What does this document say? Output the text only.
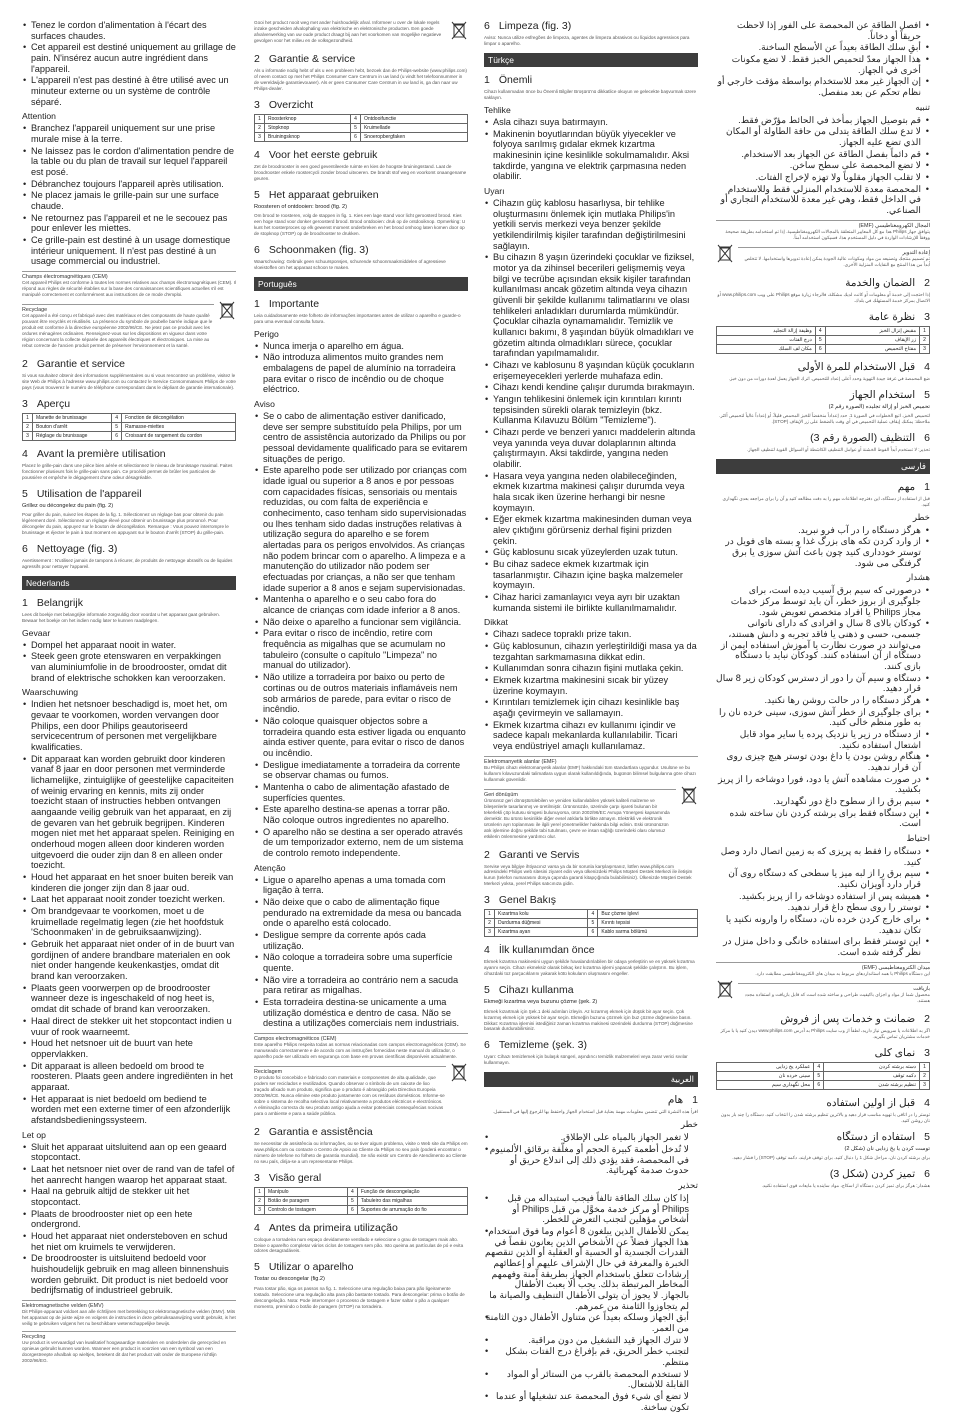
• Tenez le cordon d'alimentation à l'écart des surfaces chaudes.
• Cet appareil est destiné uniquement au grillage de pain. N'insérez aucun autre ingrédient dans l'appareil.
• L'appareil n'est pas destiné à être utilisé avec un minuteur externe ou un système de contrôle séparé.
Attention
• Branchez l'appareil uniquement sur une prise murale mise à la terre.
• Ne laissez pas le cordon d'alimentation pendre de la table ou du plan de travail sur lequel l'appareil est posé.
• Débranchez toujours l'appareil après utilisation.
• Ne placez jamais le grille-pain sur une surface chaude.
• Ne retournez pas l'appareil et ne le secouez pas pour enlever les miettes.
• Ce grille-pain est destiné à un usage domestique intérieur uniquement. Il n'est pas destiné à un usage commercial ou industriel.
Champs électromagnétiques (CEM)
Cet appareil Philips est conforme à toutes les normes relatives aux champs électromagnétiques (CEM). Il répond aux règles de sécurité établies sur la base des connaissances scientifiques actuelles s'il est manipulé correctement et conformément aux instructions de ce mode d'emploi.
Recyclage
Cet appareil a été conçu et fabriqué avec des matériaux et des composants de haute qualité pouvant être recyclés et réutilisés. La présence du symbole de poubelle barrée indique que le produit est conforme à la directive européenne 2002/96/CE. Ne jetez pas ce produit avec les ordures ménagères ordinaires. Renseignez-vous sur les dispositions en vigueur dans votre région concernant la collecte séparée des appareils électriques et électroniques. La mise au rebut correcte de l'ancien produit permet de préserver l'environnement et la santé.
2 Garantie et service
Si vous souhaitez obtenir des informations supplémentaires ou si vous rencontrez un problème, visitez le site Web de Philips à l'adresse www.philips.com ou contactez le Service Consommateurs Philips de votre pays (vous trouverez le numéro de téléphone correspondant dans le dépliant de garantie internationale).
3 Aperçu
1	Manette de brunissage	4	Fonction de décongélation
2	Bouton d'arrêt	5	Ramasse-miettes
3	Réglage du brunissage	6	Croissant de rangement du cordon
4 Avant la première utilisation
Placez le grille-pain dans une pièce bien aérée et sélectionnez le niveau de brunissage maximal. Faites fonctionner plusieurs fois le grille-pain sans pain. Ce procédé permet de brûler les particules de poussière et empêche le dégagement d'une odeur désagréable.
5 Utilisation de l'appareil
Grillez ou décongelez du pain (fig. 2)
Pour griller du pain, suivez les étapes de la fig. 1. Sélectionnez un réglage bas pour obtenir du pain légèrement doré. Sélectionnez un réglage élevé pour obtenir un brunissage plus prononcé. Pour décongeler du pain, appuyez sur le bouton de décongélation. Remarque : Vous pouvez interrompre le brunissage et éjecter le pain à tout moment en appuyant sur le bouton d'arrêt (STOP) du grille-pain.
6 Nettoyage (fig. 3)
Avertissement : N'utilisez jamais de tampons à récurer, de produits de nettoyage abrasifs ou de liquides agressifs pour nettoyer l'appareil.
Nederlands
1 Belangrijk
Lees dit boekje met belangrijke informatie zorgvuldig door voordat u het apparaat gaat gebruiken. Bewaar het boekje om het indien nodig later te kunnen raadplegen.
Gevaar
• Dompel het apparaat nooit in water.
• Steek geen grote etenswaren en verpakkingen van aluminiumfolie in de broodrooster, omdat dit brand of elektrische schokken kan veroorzaken.
Waarschuwing
• Indien het netsnoer beschadigd is, moet het, om gevaar te voorkomen, worden vervangen door Philips, een door Philips geautoriseerd servicecentrum of personen met vergelijkbare kwalificaties.
• Dit apparaat kan worden gebruikt door kinderen vanaf 8 jaar en door personen met verminderde lichamelijke, zintuiglijke of geestelijke capaciteiten of weinig ervaring en kennis, mits zij onder toezicht staan of instructies hebben ontvangen aangaande veilig gebruik van het apparaat, en zij de gevaren van het gebruik begrijpen. Kinderen mogen niet met het apparaat spelen. Reiniging en onderhoud mogen alleen door kinderen worden uitgevoerd die ouder zijn dan 8 en alleen onder toezicht.
• Houd het apparaat en het snoer buiten bereik van kinderen die jonger zijn dan 8 jaar oud.
• Laat het apparaat nooit zonder toezicht werken.
• Om brandgevaar te voorkomen, moet u de kruimellade regelmatig legen (zie het hoofdstuk 'Schoonmaken' in de gebruiksaanwijzing).
• Gebruik het apparaat niet onder of in de buurt van gordijnen of andere brandbare materialen en ook niet onder hangende keukenkastjes, omdat dit brand kan veroorzaken.
• Plaats geen voorwerpen op de broodrooster wanneer deze is ingeschakeld of nog heet is, omdat dit schade of brand kan veroorzaken.
• Haal direct de stekker uit het stopcontact indien u vuur of rook waarneemt.
• Houd het netsnoer uit de buurt van hete oppervlakken.
• Dit apparaat is alleen bedoeld om brood te roosteren. Plaats geen andere ingrediënten in het apparaat.
• Het apparaat is niet bedoeld om bediend te worden met een externe timer of een afzonderlijk afstandsbedieningssysteem.
Let op
• Sluit het apparaat uitsluitend aan op een geaard stopcontact.
• Laat het netsnoer niet over de rand van de tafel of het aanrecht hangen waarop het apparaat staat.
• Haal na gebruik altijd de stekker uit het stopcontact.
• Plaats de broodrooster niet op een hete ondergrond.
• Houd het apparaat niet ondersteboven en schud het niet om kruimels te verwijderen.
• De broodrooster is uitsluitend bedoeld voor huishoudelijk gebruik en mag alleen binnenshuis worden gebruikt. Dit product is niet bedoeld voor bedrijfsmatig of industrieel gebruik.
Elektromagnetische velden (EMV)
Dit Philips-apparaat voldoet aan alle richtlijnen met betrekking tot elektromagnetische velden (EMV). Mits het apparaat op de juiste wijze en volgens de instructies in deze gebruiksaanwijzing wordt gebruikt, is het veilig te gebruiken volgens het nu beschikbare wetenschappelijke bewijs.
Recycling
Uw product is vervaardigd van kwalitatief hoogwaardige materialen en onderdelen die gerecycled en opnieuw gebruikt kunnen worden. Wanneer een product is voorzien van een symbool van een doorgestreepte afvalbak op wieltjes, betekent dit dat het product valt onder de Europese richtlijn 2002/96/EG.
Gooi het product nooit weg met ander huishoudelijk afval. Informeer u over de lokale regels inzake gescheiden afvalophaling van elektrische en elektronische producten. Een goede afvalverwerking van uw oude product draagt bij aan het voorkomen van mogelijke negatieve gevolgen voor het milieu en de volksgezondheid.
2 Garantie & service
Als u informatie nodig hebt of als u een probleem hebt, bezoek dan de Philips-website (www.philips.com) of neem contact op met het Philips Consumer Care Centrum in uw land (u vindt het telefoonnummer in de wereldwijde garantievouwer). Als er geen Consumer Care Centrum in uw land is, ga dan naar uw Philips-dealer.
3 Overzicht
1	Roosterknop	4	Ontdooifunctie
2	Stopknop	5	Kruimellade
3	Bruiningsknop	6	Snoeropbergfaken
4 Voor het eerste gebruik
Zet de broodrooster in een goed geventileerde ruimte en kies de hoogste bruiningsstand. Laat de broodrooster enkele roostercycli zonder brood uitvoeren. De brandt stof weg en voorkomt onaangename geuren.
5 Het apparaat gebruiken
Roosteren of ontdooien: brood (fig. 2)
Om brood te roosteren, volg de stappen in fig. 1. Kies een lage stand voor licht geroosterd brood. Kies een hoge stand voor donker geroosterd brood. Brood ontdooien: druk op de ontdooiknop. Opmerking: U kunt het roosterproces op elk gewenst moment onderbreken en het brood omhoog laten komen door op de stopknop (STOP) op de broodrooster te drukken.
6 Schoonmaken (fig. 3)
Waarschuwing: Gebruik geen schuursponsjes, schurende schoonmaakmiddelen of agressieve vloeistoffen om het apparaat schoon te maken.
Português
1 Importante
Leia cuidadosamente este folheto de informações importantes antes de utilizar o aparelho e guarde-o para uma eventual consulta futura.
Perigo
• Nunca imerja o aparelho em água.
• Não introduza alimentos muito grandes nem embalagens de papel de alumínio na torradeira para evitar o risco de incêndio ou de choque eléctrico.
Aviso
• Se o cabo de alimentação estiver danificado, deve ser sempre substituído pela Philips, por um centro de assistência autorizado da Philips ou por pessoal devidamente qualificado para se evitarem situações de perigo.
• Este aparelho pode ser utilizado por crianças com idade igual ou superior a 8 anos e por pessoas com capacidades físicas, sensoriais ou mentais reduzidas, ou com falta de experiência e conhecimento, caso tenham sido supervisionadas ou lhes tenham sido dadas instruções relativas à utilização segura do aparelho e se forem alertadas para os perigos envolvidos. As crianças não podem brincar com o aparelho. A limpeza e a manutenção do utilizador não podem ser efectuadas por crianças, a não ser que tenham idade superior a 8 anos e sejam supervisionadas.
• Mantenha o aparelho e o seu cabo fora do alcance de crianças com idade inferior a 8 anos.
• Não deixe o aparelho a funcionar sem vigilância.
• Para evitar o risco de incêndio, retire com frequência as migalhas que se acumulam no tabuleiro (consulte o capítulo "Limpeza" no manual do utilizador).
• Não utilize a torradeira por baixo ou perto de cortinas ou de outros materiais inflamáveis nem sob armários de parede, para evitar o risco de incêndio.
• Não coloque quaisquer objectos sobre a torradeira quando esta estiver ligada ou enquanto ainda estiver quente, para evitar o risco de danos ou incêndio.
• Desligue imediatamente a torradeira da corrente se observar chamas ou fumos.
• Mantenha o cabo de alimentação afastado de superfícies quentes.
• Este aparelho destina-se apenas a torrar pão. Não coloque outros ingredientes no aparelho.
• O aparelho não se destina a ser operado através de um temporizador externo, nem de um sistema de controlo remoto independente.
Atenção
• Ligue o aparelho apenas a uma tomada com ligação à terra.
• Não deixe que o cabo de alimentação fique pendurado na extremidade da mesa ou bancada onde o aparelho está colocado.
• Desligue sempre da corrente após cada utilização.
• Não coloque a torradeira sobre uma superfície quente.
• Não vire a torradeira ao contrário nem a sacuda para retirar as migalhas.
• Esta torradeira destina-se unicamente a uma utilização doméstica e dentro de casa. Não se destina a utilizações comerciais nem industriais.
Campos electromagnéticos (CEM)
Este aparelho Philips respeita todas as normas relacionadas com campos electromagnéticos (CEM). Se manuseado correctamente e de acordo com as instruções fornecidas neste manual do utilizador, o aparelho pode ser utilizado em segurança com base em provas científicas disponíveis actualmente.
Reciclagem
O produto foi concebido e fabricado com materiais e componentes de alta qualidade, que podem ser reciclados e reutilizados. Quando observar o símbolo de um caixote de lixo traçado afixado num produto, significa que o produto é abrangido pela Directiva Europeia 2002/96/CE. Nunca elimine este produto juntamente com os resíduos domésticos. Informe-se sobre o sistema de recolha selectiva local relativamente a produtos eléctricos e electrónicos. A eliminação correcta do seu produto antigo ajuda a evitar potenciais consequências nocivas para o ambiente e para a saúde pública.
2 Garantia e assistência
Se necessitar de assistência ou informações, ou se tiver algum problema, visite o Web site da Philips em www.philips.com ou contacte o Centro de Apoio ao Cliente da Philips no seu país (poderá encontrar o número de telefone no folheto de garantia mundial). Se não existir um Centro de Atendimento ao Cliente no seu país, dirija-se a um representante Philips.
3 Visão geral
1	Manípulo	4	Função de descongelação
2	Botão de paragem	5	Tabuleiro das migalhas
3	Controlo de tostagem	6	Suportes de arrumação do fio
4 Antes da primeira utilização
Coloque a torradeira num espaço devidamente ventilado e seleccione o grau de tostagem mais alto. Deixe o aparelho completar vários ciclos de tostagem sem pão. Isto queima as partículas de pó e evita odores desagradáveis.
5 Utilizar o aparelho
Tostar ou descongelar (fig.2)
Para tostar pão, siga os passos na fig. 1. Seleccione uma regulação baixa para pão ligeiramente tostado. Seleccione uma regulação alta para pão bastante tostado. Para descongelar: prima o botão de descongelação. Nota: Pode interromper o processo de tostagem e fazer saltar o pão a qualquer momento, premindo o botão de paragem (STOP) na torradeira.
6 Limpeza (fig. 3)
Aviso: Nunca utilize esfregões de limpeza, agentes de limpeza abrasivos ou líquidos agressivos para limpar o aparelho.
Türkçe
1 Önemli
Cihazı kullanmadan önce bu Önemli Bilgiler Broşürü'nü dikkatlice okuyun ve gelecekte başvurmak üzere saklayın.
Tehlike
• Asla cihazı suya batırmayın.
• Makinenin boyutlarından büyük yiyecekler ve folyoya sarılmış gıdalar ekmek kızartma makinesinin içine kesinlikle sokulmamalıdır. Aksi takdirde, yangına ve elektrik çarpmasına neden olabilir.
Uyarı
• Cihazın güç kablosu hasarlıysa, bir tehlike oluşturmasını önlemek için mutlaka Philips'in yetkili servis merkezi veya benzer şekilde yetkilendirilmiş kişiler tarafından değiştirilmesini sağlayın.
• Bu cihazın 8 yaşın üzerindeki çocuklar ve fiziksel, motor ya da zihinsel becerileri gelişmemiş veya bilgi ve tecrübe açısından eksik kişiler tarafından kullanılması ancak gözetim altında veya cihazın güvenli bir şekilde kullanımı talimatlarını ve olası tehlikeleri anladıkları durumlarda mümkündür. Çocuklar cihazla oynamamalıdır. Temizlik ve kullanıcı bakımı, 8 yaşından büyük olmadıkları ve gözetim altında olmadıkları sürece, çocuklar tarafından yapılmamalıdır.
• Cihazı ve kablosunu 8 yaşından küçük çocukların erişemeyecekleri yerlerde muhafaza edin.
• Cihazı kendi kendine çalışır durumda bırakmayın.
• Yangın tehlikesini önlemek için kırıntıları kırıntı tepsisinden sürekli olarak temizleyin (bkz. Kullanma Kılavuzu Bölüm "Temizleme").
• Cihazı perde ve benzeri yanıcı maddelerin altında veya yanında veya duvar dolaplarının altında çalıştırmayın. Aksi takdirde, yangına neden olabilir.
• Hasara veya yangına neden olabileceğinden, ekmek kızartma makinesi çalışır durumda veya hala sıcak iken üzerine herhangi bir nesne koymayın.
• Eğer ekmek kızartma makinesinden duman veya alev çıktığını görürseniz derhal fişini prizden çekin.
• Güç kablosunu sıcak yüzeylerden uzak tutun.
• Bu cihaz sadece ekmek kızartmak için tasarlanmıştır. Cihazın içine başka malzemeler koymayın.
• Cihaz harici zamanlayıcı veya ayrı bir uzaktan kumanda sistemi ile birlikte kullanılmamalıdır.
Dikkat
• Cihazı sadece topraklı prize takın.
• Güç kablosunun, cihazın yerleştirildiği masa ya da tezgahtan sarkmamasına dikkat edin.
• Kullanımdan sonra cihazın fişini mutlaka çekin.
• Ekmek kızartma makinesini sıcak bir yüzey üzerine koymayın.
• Kırıntıları temizlemek için cihazı kesinlikle baş aşağı çevirmeyin ve sallamayın.
• Ekmek kızartma cihazı ev kullanımı içindir ve sadece kapalı mekanlarda kullanılabilir. Ticari veya endüstriyel amaçlı kullanılamaz.
Elektromanyetik alanlar (EMF)
Bu Philips cihazı elektromanyetik alanlar (EMF) hakkındaki tüm standartlara uygundur. Usulüne ve bu kullanım kılavuzundaki talimatlara uygun olarak kullanıldığında, bugünün bilimsel bulgularına göre cihazı kullanmak güvenlidir.
Geri dönüşüm
Ürününüz geri dönüştürülebilen ve yeniden kullanılabilen yüksek kaliteli malzeme ve bileşenlerle tasarlanmış ve üretilmiştir. Ürününüzde, üzerinde çarpı işareti bulunan bir tekerlekli çöp kutusu simgesi bulunuyorsa, ürün 2002/96/EC Avrupa Yönergesi kapsamında demektir. Bu ürünü kesinlikle diğer evsel atıklarla birlikte atmayın. Elektrikli ve elektronik ürünlerin ayrı toplanması ile ilgili yerel yönetmelikler hakkında bilgi edinin. Eski ürününüzün atık işlemine doğru şekilde tabi tutulması, çevre ve insan sağlığı üzerindeki olası olumsuz etkilerin önlenmesine yardımcı olur.
2 Garanti ve Servis
Servise veya bilgiye ihtiyacınız varsa ya da bir sorunla karşılaşırsanız, lütfen www.philips.com adresindeki Philips web sitesini ziyaret edin veya ülkenizdeki Philips Müşteri Destek Merkezi ile iletişim kurun (telefon numarasını dünya çapında garanti kitapçığında bulabilirsiniz). Ülkenizde Müşteri Destek Merkezi yoksa, yerel Philips satıcınıza gidin.
3 Genel Bakış
1	Kızartma kolu	4	Buz çözme işlevi
2	Durdurma düğmesi	5	Kırıntı tepsisi
3	Kızartma ayarı	6	Kablo sarma bölümü
4 İlk kullanımdan önce
Ekmek kızartma makinesini uygun şekilde havalandırılabilen bir odaya yerleştirin ve en yüksek kızartma ayarını seçin. Cihazı ekmeksiz olarak birkaç kez kızartma işlemi yapacak şekilde çalıştırın. Bu işlem, cihazdaki toz parçacıklarını yakarak kötü kokuların oluşmasını engeller.
5 Cihazı kullanma
Ekmeği kızartma veya buzunu çözme (şek. 2)
Ekmek kızartmak için Şek.1 deki adımları izleyin. Az kızarmış ekmek için düşük bir ayar seçin. Çok kızarmış ekmek için yüksek bir ayar seçin. Ekmeğin buzunu çözmek için buz çözme düğmesine basın. Dikkat: Kızartma işlemini istediğiniz zaman kızartma makinesi üzerindeki durdurma (STOP) düğmesine basarak durdurabilirsiniz.
6 Temizleme (şek. 3)
Uyarı: Cihazı temizlemek için bulaşık süngeri, aşındırıcı temizlik malzemeleri veya zarar verici sıvılar kullanmayın.
العربية
1
هام
اقرأ هذه النشرة التي تتضمن معلومات مهمة بعناية قبل استخدام الجهاز واحتفظ بها للرجوع إليها في المستقبل.
خطر
• لا تغمر الجهاز بالمياه على الإطلاق.
• لا تُدخل أطعمة كبيرة الحجم أو مغلّفة برقائق الألمنيوم في المحمصة، فقد يؤدي ذلك إلى اندلاع حريق أو حدوث صدمة كهربائية.
تحذير
• إذا كان سلك الطاقة تالفاً فيجب استبداله من قبل Philips أو مركز خدمة مخوَّل من قبل Philips أو أشخاص مؤهلين لتجنب التعرض للخطر.
• يمكن للأطفال الذين يبلغون 8 أعوام وما فوق استخدام هذا الجهاز فضلاً عن الأشخاص الذين يعانون نقصاً في القدرات الجسدية أو الحسية أو العقلية أو الذين تنقصهم الخبرة والمعرفة في حال الإشراف عليهم أو إعطائهم إرشادات تتعلق باستخدام الجهاز بطريقة آمنة وفهمهم المخاطر المرتبطة بذلك. يجب ألا يعبث الأطفال بالجهاز. لا يجوز أن يتولى الأطفال التنظيف والصيانة ما لم يتجاوزوا الثامنة من عمرهم.
• أبق الجهاز وسلكه بعيداً عن متناول الأطفال دون الثامنة من العمر.
• لا تترك الجهاز قيد التشغيل من دون مراقبة.
• لتجنب خطر الحريق، قم بإفراغ درج الفتات بشكل منتظم.
• لا تستخدم المحمصة بالقرب من الستائر أو المواد القابلة للاشتعال.
• لا تضع أي شيء فوق المحمصة عند تشغيلها أو عندما تكون ساخنة.
• افصل الطاقة عن المحمصة على الفور إذا لاحظت حريقاً أو دخاناً.
• أبقِ سلك الطاقة بعيداً عن الأسطح الساخنة.
• هذا الجهاز معدّ لتحميص الخبز فقط. لا تضع مكونات أخرى في الجهاز.
• إن الجهاز غير معد للاستخدام بواسطة مؤقت خارجي أو نظام تحكم عن بعد منفصل.
تنبيه
• قم بتوصيل الجهاز بمأخذ في الحائط مؤرّض فقط.
• لا تدع سلك الطاقة يتدلى من حافة الطاولة أو المكان الذي تضع عليه الجهاز.
• قم دائماً بفصل الطاقة عن الجهاز بعد الاستخدام.
• لا تضع المحمصة على سطح ساخن.
• لا تقلب الجهاز مقلوباً ولا تهزه لإخراج الفتات.
• المحمصة معدة للاستخدام المنزلي فقط وللاستخدام في الداخل فقط، وهي غير معدة للاستخدام التجاري أو الصناعي.
المجال الكهرومغناطيسي (EMF)
يتوافق جهاز Philips هذا مع كل المعايير المتعلقة بالمجالات الكهرومغناطيسية. إذا تم استخدامه بطريقة صحيحة ووفقاً للإرشادات الواردة في دليل المستخدم هذا، فسيكون استخدامه آمناً.
إعادة التدوير
تم تصميم منتجك وتصنيعه من مواد ومكونات عالية الجودة يمكن إعادة تدويرها واستخدامها. لا تتخلص أبداً من هذا المنتج مع النفايات المنزلية الأخرى.
2
الضمان والخدمة
إذا احتجت إلى خدمة أو معلومات أو كانت لديك مشكلة، فالرجاء زيارة موقع Philips على ويب www.philips.com أو الاتصال بمركز خدمة المستهلك في بلدك.
3
نظرة عامة
1	مقبض إنزال الخبز	4	وظيفة إزالة التجليد
2	زر الإيقاف	5	درج الفتات
3	مفتاح التحميص	6	مكان لف السلك
4
قبل الاستخدام للمرة الأولى
ضع المحمصة في غرفة جيدة التهوية وحدد أعلى إعداد للتحميص. اترك الجهاز يعمل لعدة دورات من دون خبز.
5
استخدام الجهاز
تحميص الخبز أو إزالة تجليده (الصورة رقم 2)
لتحميص الخبز، اتبع الخطوات في الصورة 1. حدد إعداداً منخفضاً للخبز المحمص قليلاً، أو إعداداً عالياً لتحميص أكثر. ملاحظة: يمكنك إيقاف عملية التحميص في أي وقت بالضغط على زر الإيقاف (STOP).
6
التنظيف (الصورة رقم 3)
تحذير: لا تستخدم أبداً الفوط الخشنة أو عوامل التنظيف الكاشطة أو السوائل القوية لتنظيف الجهاز.
فارسی
1
مهم
قبل از استفاده از دستگاه، این دفترچه اطلاعات مهم را به دقت مطالعه کنید و آن را برای مراجعه بعدی نگهداری کنید.
خطر
• هرگز دستگاه را در آب فرو نبرید.
• از وارد کردن تکه های بزرگ غذا و بسته های فویل در توستر خودداری کنید چون باعث آتش سوزی یا برق گرفتگی می شود.
هشدار
• درصورتی که سیم برق آسیب دیده است، برای جلوگیری از بروز خطر، آن باید توسط مرکز خدمات مجاز Philips یا افراد متخصص تعویض شود.
• کودکان بالای 8 سال و افرادی که دارای ناتوانی جسمی، حسی و ذهنی یا فاقد تجربه و دانش هستند، می‌توانند در صورت نظارت یا آموزش استفاده ایمن از دستگاه از آن استفاده کنند. کودکان نباید با دستگاه بازی کنند.
• دستگاه و سیم آن را دور از دسترس کودکان زیر 8 سال قرار دهید.
• هرگز دستگاه را در حالت روشن رها نکنید.
• برای جلوگیری از خطر آتش سوزی، سینی خرده نان را به طور منظم خالی کنید.
• از دستگاه در زیر یا نزدیک پرده یا سایر مواد قابل اشتعال استفاده نکنید.
• هنگام روشن بودن یا داغ بودن توستر هیچ چیزی روی آن قرار ندهید.
• در صورت مشاهده آتش یا دود، فورا دوشاخه را از پریز بکشید.
• سیم برق را از سطوح داغ دور نگهدارید.
• این دستگاه فقط برای برشته کردن نان ساخته شده است.
احتیاط
• دستگاه را فقط به پریزی که به زمین اتصال دارد وصل کنید.
• سیم برق را از لبه میز یا سطحی که دستگاه روی آن قرار دارد آویزان نکنید.
• همیشه پس از استفاده دوشاخه را از پریز بکشید.
• توستر را روی سطح داغ قرار ندهید.
• برای خارج کردن خرده نان، دستگاه را وارونه نکنید یا تکان ندهید.
• این توستر فقط برای استفاده خانگی و داخل منزل در نظر گرفته شده است.
میدان الکترومغناطیسی (EMF)
این دستگاه Philips با همه استانداردهای مربوط به میدان های الکترومغناطیسی مطابقت دارد.
بازیافت
محصول شما از مواد و اجزای باکیفیت طراحی و ساخته شده است که قابل بازیافت و استفاده مجدد هستند.
2
ضمانت و خدمات پس از فروش
اگر به اطلاعات یا سرویس نیاز دارید، لطفاً از وب سایت Philips به آدرس www.philips.com دیدن کنید یا با مرکز خدمات مشتریان تماس بگیرید.
3
نمای کلی
1	دسته برشته کردن	4	عملکرد یخ زدایی
2	دکمه توقف	5	سینی خرده نان
3	تنظیم برشته شدن	6	محل نگهداری سیم
4
قبل از اولین استفاده
توستر را در اتاقی با تهویه مناسب قرار دهید و بالاترین تنظیم برشته شدن را انتخاب کنید. دستگاه را چند بار بدون نان روشن کنید.
5
استفاده از دستگاه
توست کردن یا یخ زدایی نان (شکل 2)
برای برشته کردن نان، مراحل شکل 1 را دنبال کنید. برای توقف فرایند، دکمه توقف (STOP) را فشار دهید.
6
تمیز کردن (شکل 3)
هشدار: هرگز برای تمیز کردن دستگاه از اسکاج، مواد ساینده یا مایعات قوی استفاده نکنید.
